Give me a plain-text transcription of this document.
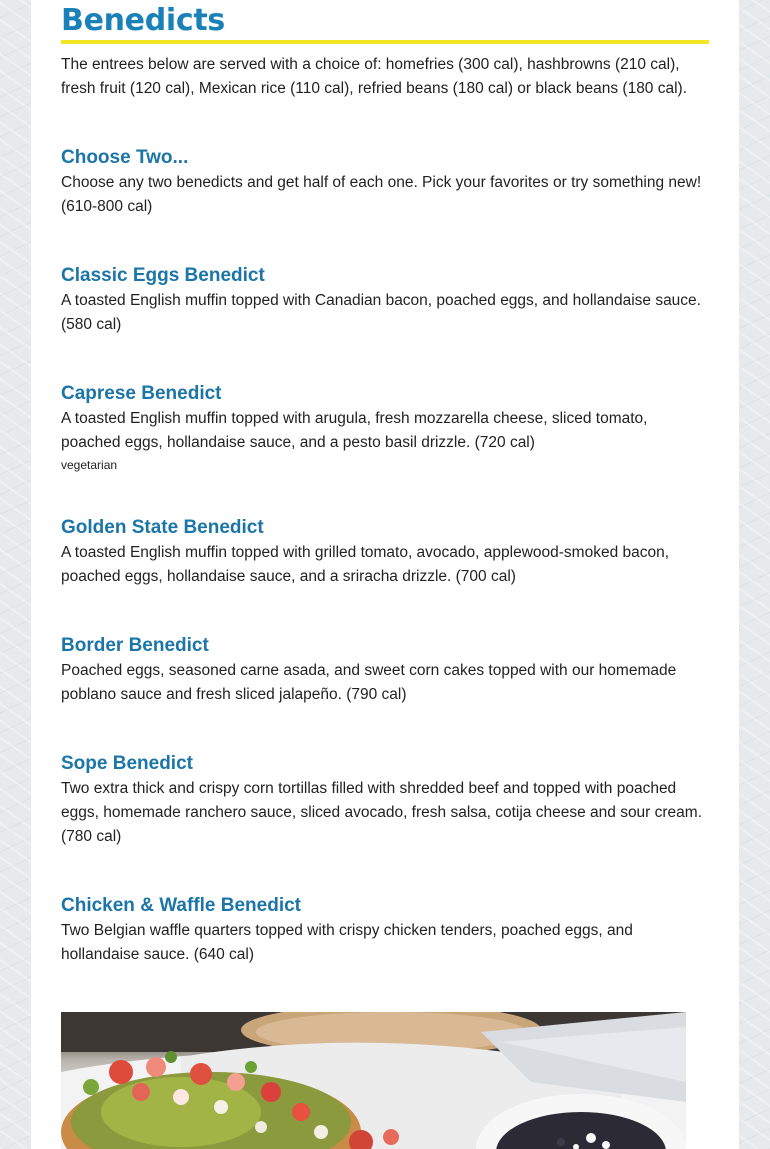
Benedicts

The entrees below are served with a choice of: homefries (300 cal), hashbrowns (210 cal), fresh fruit (120 cal), Mexican rice (110 cal), refried beans (180 cal) or black beans (180 cal).

Choose Two...

Choose any two benedicts and get half of each one. Pick your favorites or try something new! (610-800 cal)

Classic Eggs Benedict

A toasted English muffin topped with Canadian bacon, poached eggs, and hollandaise sauce. (580 cal)

Caprese Benedict

A toasted English muffin topped with arugula, fresh mozzarella cheese, sliced tomato, poached eggs, hollandaise sauce, and a pesto basil drizzle. (720 cal)

vegetarian

Golden State Benedict

A toasted English muffin topped with grilled tomato, avocado, applewood-smoked bacon, poached eggs, hollandaise sauce, and a sriracha drizzle. (700 cal)

Border Benedict

Poached eggs, seasoned carne asada, and sweet corn cakes topped with our homemade poblano sauce and fresh sliced jalapeño. (790 cal)

Sope Benedict

Two extra thick and crispy corn tortillas filled with shredded beef and topped with poached eggs, homemade ranchero sauce, sliced avocado, fresh salsa, cotija cheese and sour cream. (780 cal)

Chicken & Waffle Benedict

Two Belgian waffle quarters topped with crispy chicken tenders, poached eggs, and hollandaise sauce. (640 cal)
